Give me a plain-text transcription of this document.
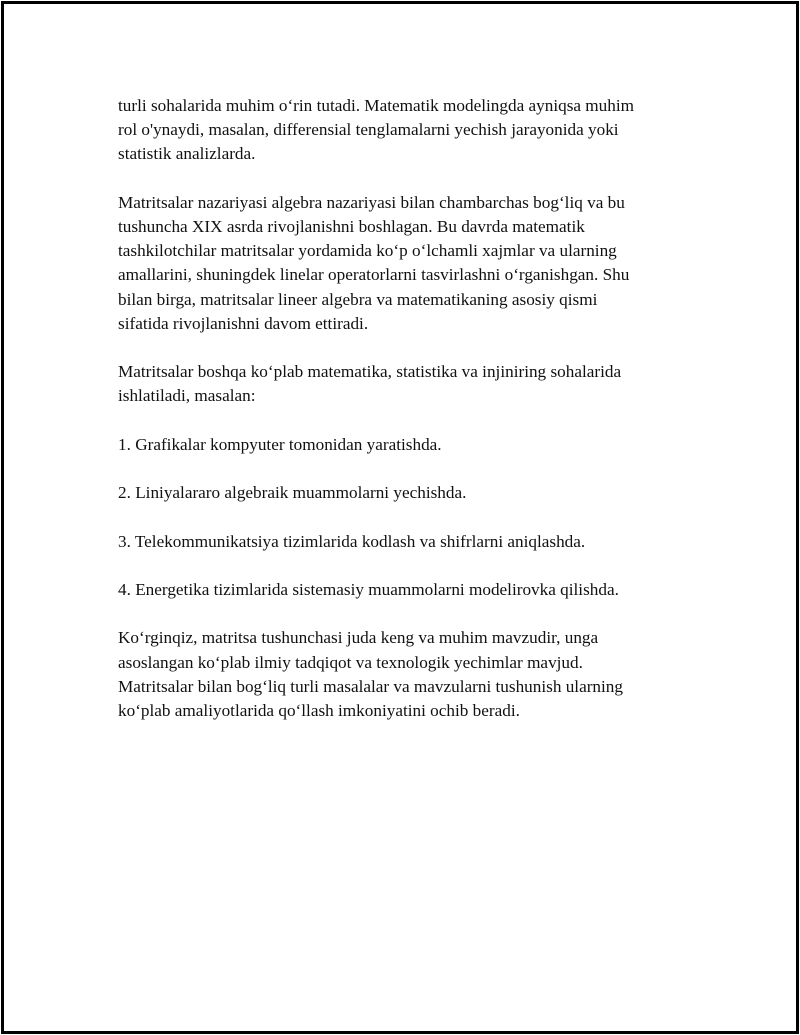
turli sohalarida muhim o‘rin tutadi. Matematik modelingda ayniqsa muhim
rol o'ynaydi, masalan, differensial tenglamalarni yechish jarayonida yoki
statistik analizlarda.

Matritsalar nazariyasi algebra nazariyasi bilan chambarchas bog‘liq va bu
tushuncha XIX asrda rivojlanishni boshlagan. Bu davrda matematik
tashkilotchilar matritsalar yordamida ko‘p o‘lchamli xajmlar va ularning
amallarini, shuningdek linelar operatorlarni tasvirlashni o‘rganishgan. Shu
bilan birga, matritsalar lineer algebra va matematikaning asosiy qismi
sifatida rivojlanishni davom ettiradi.

Matritsalar boshqa ko‘plab matematika, statistika va injiniring sohalarida
ishlatiladi, masalan:

1. Grafikalar kompyuter tomonidan yaratishda.

2. Liniyalararo algebraik muammolarni yechishda.

3. Telekommunikatsiya tizimlarida kodlash va shifrlarni aniqlashda.

4. Energetika tizimlarida sistemasiy muammolarni modelirovka qilishda.

Ko‘rginqiz, matritsa tushunchasi juda keng va muhim mavzudir, unga
asoslangan ko‘plab ilmiy tadqiqot va texnologik yechimlar mavjud.
Matritsalar bilan bog‘liq turli masalalar va mavzularni tushunish ularning
ko‘plab amaliyotlarida qo‘llash imkoniyatini ochib beradi.
